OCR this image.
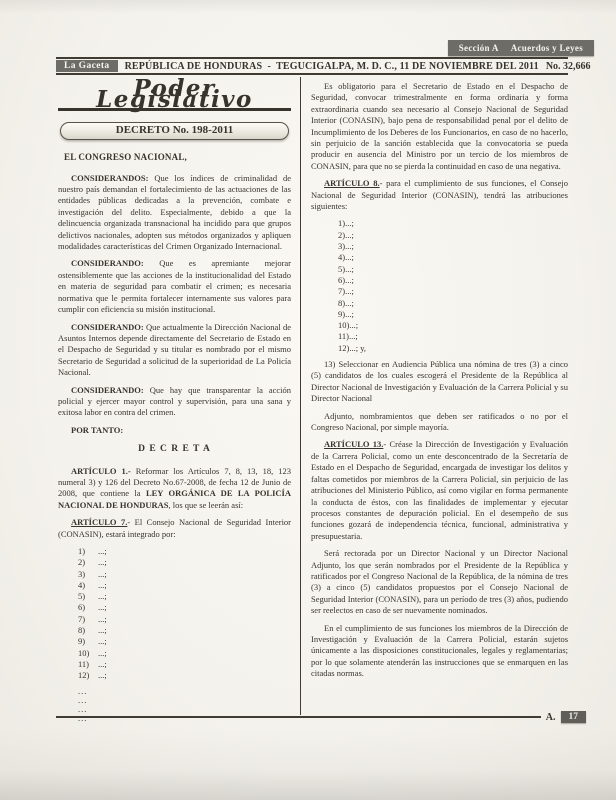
Sección A Acuerdos y Leyes
La Gaceta	REPÚBLICA DE HONDURAS  -  TEGUCIGALPA, M. D. C., 11 DE NOVIEMBRE DEL 2011 No. 32,666
Poder Legislativo
DECRETO No. 198-2011
EL CONGRESO NACIONAL,

CONSIDERANDOS: Que los índices de criminalidad de nuestro país demandan el fortalecimiento de las actuaciones de las entidades públicas dedicadas a la prevención, combate e investigación del delito. Especialmente, debido a que la delincuencia organizada transnacional ha incidido para que grupos delictivos nacionales, adopten sus métodos organizados y apliquen modalidades características del Crimen Organizado Internacional.

CONSIDERANDO: Que es apremiante mejorar ostensiblemente que las acciones de la institucionalidad del Estado en materia de seguridad para combatir el crimen; es necesaria normativa que le permita fortalecer internamente sus valores para cumplir con eficiencia su misión institucional.

CONSIDERANDO: Que actualmente la Dirección Nacional de Asuntos Internos depende directamente del Secretario de Estado en el Despacho de Seguridad y su titular es nombrado por el mismo Secretario de Seguridad a solicitud de la superioridad de La Policía Nacional.

CONSIDERANDO: Que hay que transparentar la acción policial y ejercer mayor control y supervisión, para una sana y exitosa labor en contra del crimen.

POR TANTO:
D E C R E T A

ARTÍCULO 1.- Reformar los Artículos 7, 8, 13, 18, 123 numeral 3) y 126 del Decreto No.67-2008, de fecha 12 de Junio de 2008, que contiene la LEY ORGÁNICA DE LA POLICÍA NACIONAL DE HONDURAS, los que se leerán así:

ARTÍCULO 7.- El Consejo Nacional de Seguridad Interior (CONASIN), estará integrado por:

1)	...;
2)	...;
3)	...;
4)	...;
5)	...;
6)	...;
7)	...;
8)	...;
9)	...;
10)	...;
11)	...;
12)	...;
...
...
...

Es obligatorio para el Secretario de Estado en el Despacho de Seguridad, convocar trimestralmente en forma ordinaria y forma extraordinaria cuando sea necesario al Consejo Nacional de Seguridad Interior (CONASIN), bajo pena de responsabilidad penal por el delito de Incumplimiento de los Deberes de los Funcionarios, en caso de no hacerlo, sin perjuicio de la sanción establecida que la convocatoria se pueda producir en ausencia del Ministro por un tercio de los miembros de CONASIN, para que no se pierda la continuidad en caso de una negativa.

ARTÍCULO 8.- para el cumplimiento de sus funciones, el Consejo Nacional de Seguridad Interior (CONASIN), tendrá las atribuciones siguientes:

1) ...;
2) ...;
3) ...;
4) ...;
5) ...;
6) ...;
7) ...;
8) ...;
9) ...;
10) ...;
11) ...;
12) ...; y,

13) Seleccionar en Audiencia Pública una nómina de tres (3) a cinco (5) candidatos de los cuales escogerá el Presidente de la República al Director Nacional de Investigación y Evaluación de la Carrera Policial y su Director Nacional

Adjunto, nombramientos que deben ser ratificados o no por el Congreso Nacional, por simple mayoría.

ARTÍCULO 13.- Créase la Dirección de Investigación y Evaluación de la Carrera Policial, como un ente desconcentrado de la Secretaría de Estado en el Despacho de Seguridad, encargada de investigar los delitos y faltas cometidos por miembros de la Carrera Policial, sin perjuicio de las atribuciones del Ministerio Público, así como vigilar en forma permanente la conducta de éstos, con las finalidades de implementar y ejecutar procesos constantes de depuración policial. En el desempeño de sus funciones gozará de independencia técnica, funcional, administrativa y presupuestaria.

Será rectorada por un Director Nacional y un Director Nacional Adjunto, los que serán nombrados por el Presidente de la República y ratificados por el Congreso Nacional de la República, de la nómina de tres (3) a cinco (5) candidatos propuestos por el Consejo Nacional de Seguridad Interior (CONASIN), para un período de tres (3) años, pudiendo ser reelectos en caso de ser nuevamente nominados.

En el cumplimiento de sus funciones los miembros de la Dirección de Investigación y Evaluación de la Carrera Policial, estarán sujetos únicamente a las disposiciones constitucionales, legales y reglamentarias; por lo que solamente atenderán las instrucciones que se enmarquen en las citadas normas.

A.	17
